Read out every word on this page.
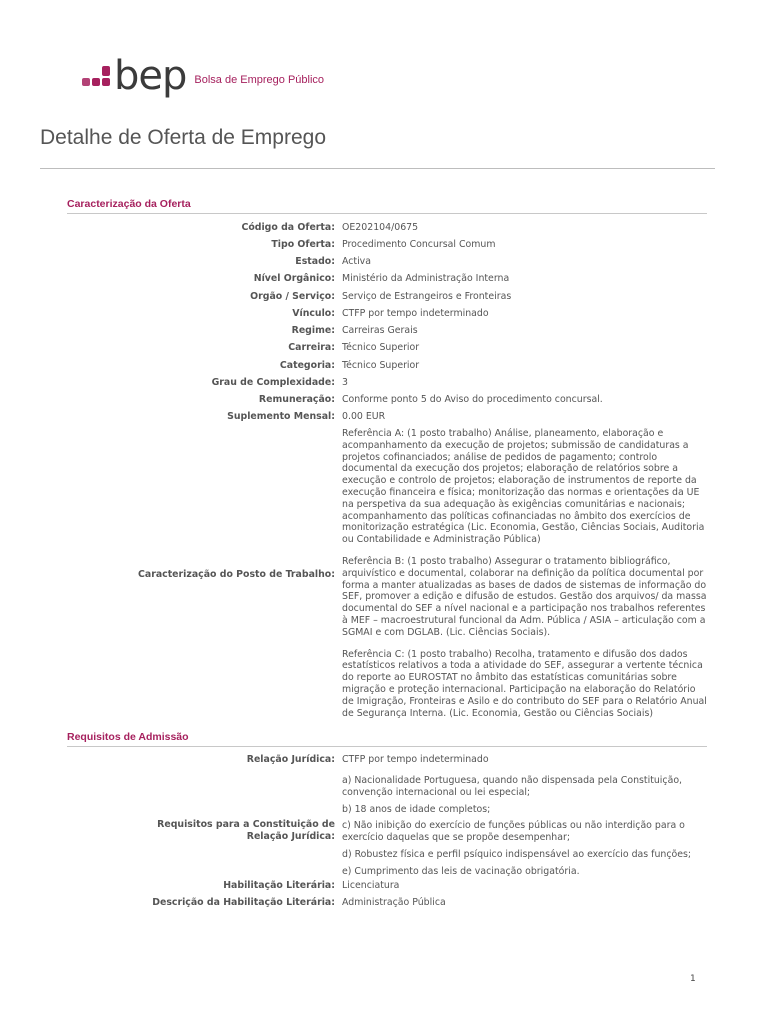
bep Bolsa de Emprego Público
Detalhe de Oferta de Emprego
Caracterização da Oferta
Código da Oferta: OE202104/0675
Tipo Oferta: Procedimento Concursal Comum
Estado: Activa
Nível Orgânico: Ministério da Administração Interna
Orgão / Serviço: Serviço de Estrangeiros e Fronteiras
Vínculo: CTFP por tempo indeterminado
Regime: Carreiras Gerais
Carreira: Técnico Superior
Categoria: Técnico Superior
Grau de Complexidade: 3
Remuneração: Conforme ponto 5 do Aviso do procedimento concursal.
Suplemento Mensal: 0.00 EUR
Caracterização do Posto de Trabalho:

Referência A: (1 posto trabalho) Análise, planeamento, elaboração e acompanhamento da execução de projetos; submissão de candidaturas a projetos cofinanciados; análise de pedidos de pagamento; controlo documental da execução dos projetos; elaboração de relatórios sobre a execução e controlo de projetos; elaboração de instrumentos de reporte da execução financeira e física; monitorização das normas e orientações da UE na perspetiva da sua adequação às exigências comunitárias e nacionais; acompanhamento das políticas cofinanciadas no âmbito dos exercícios de monitorização estratégica (Lic. Economia, Gestão, Ciências Sociais, Auditoria ou Contabilidade e Administração Pública)

Referência B: (1 posto trabalho) Assegurar o tratamento bibliográfico, arquivístico e documental, colaborar na definição da política documental por forma a manter atualizadas as bases de dados de sistemas de informação do SEF, promover a edição e difusão de estudos. Gestão dos arquivos/ da massa documental do SEF a nível nacional e a participação nos trabalhos referentes à MEF – macroestrutural funcional da Adm. Pública / ASIA – articulação com a SGMAI e com DGLAB. (Lic. Ciências Sociais).

Referência C: (1 posto trabalho) Recolha, tratamento e difusão dos dados estatísticos relativos a toda a atividade do SEF, assegurar a vertente técnica do reporte ao EUROSTAT no âmbito das estatísticas comunitárias sobre migração e proteção internacional. Participação na elaboração do Relatório de Imigração, Fronteiras e Asilo e do contributo do SEF para o Relatório Anual de Segurança Interna. (Lic. Economia, Gestão ou Ciências Sociais)

Requisitos de Admissão
Relação Jurídica: CTFP por tempo indeterminado
Requisitos para a Constituição de
Relação Jurídica:

a) Nacionalidade Portuguesa, quando não dispensada pela Constituição, convenção internacional ou lei especial;

b) 18 anos de idade completos;

c) Não inibição do exercício de funções públicas ou não interdição para o exercício daquelas que se propõe desempenhar;

d) Robustez física e perfil psíquico indispensável ao exercício das funções;

e) Cumprimento das leis de vacinação obrigatória.

Habilitação Literária: Licenciatura
Descrição da Habilitação Literária: Administração Pública
1
